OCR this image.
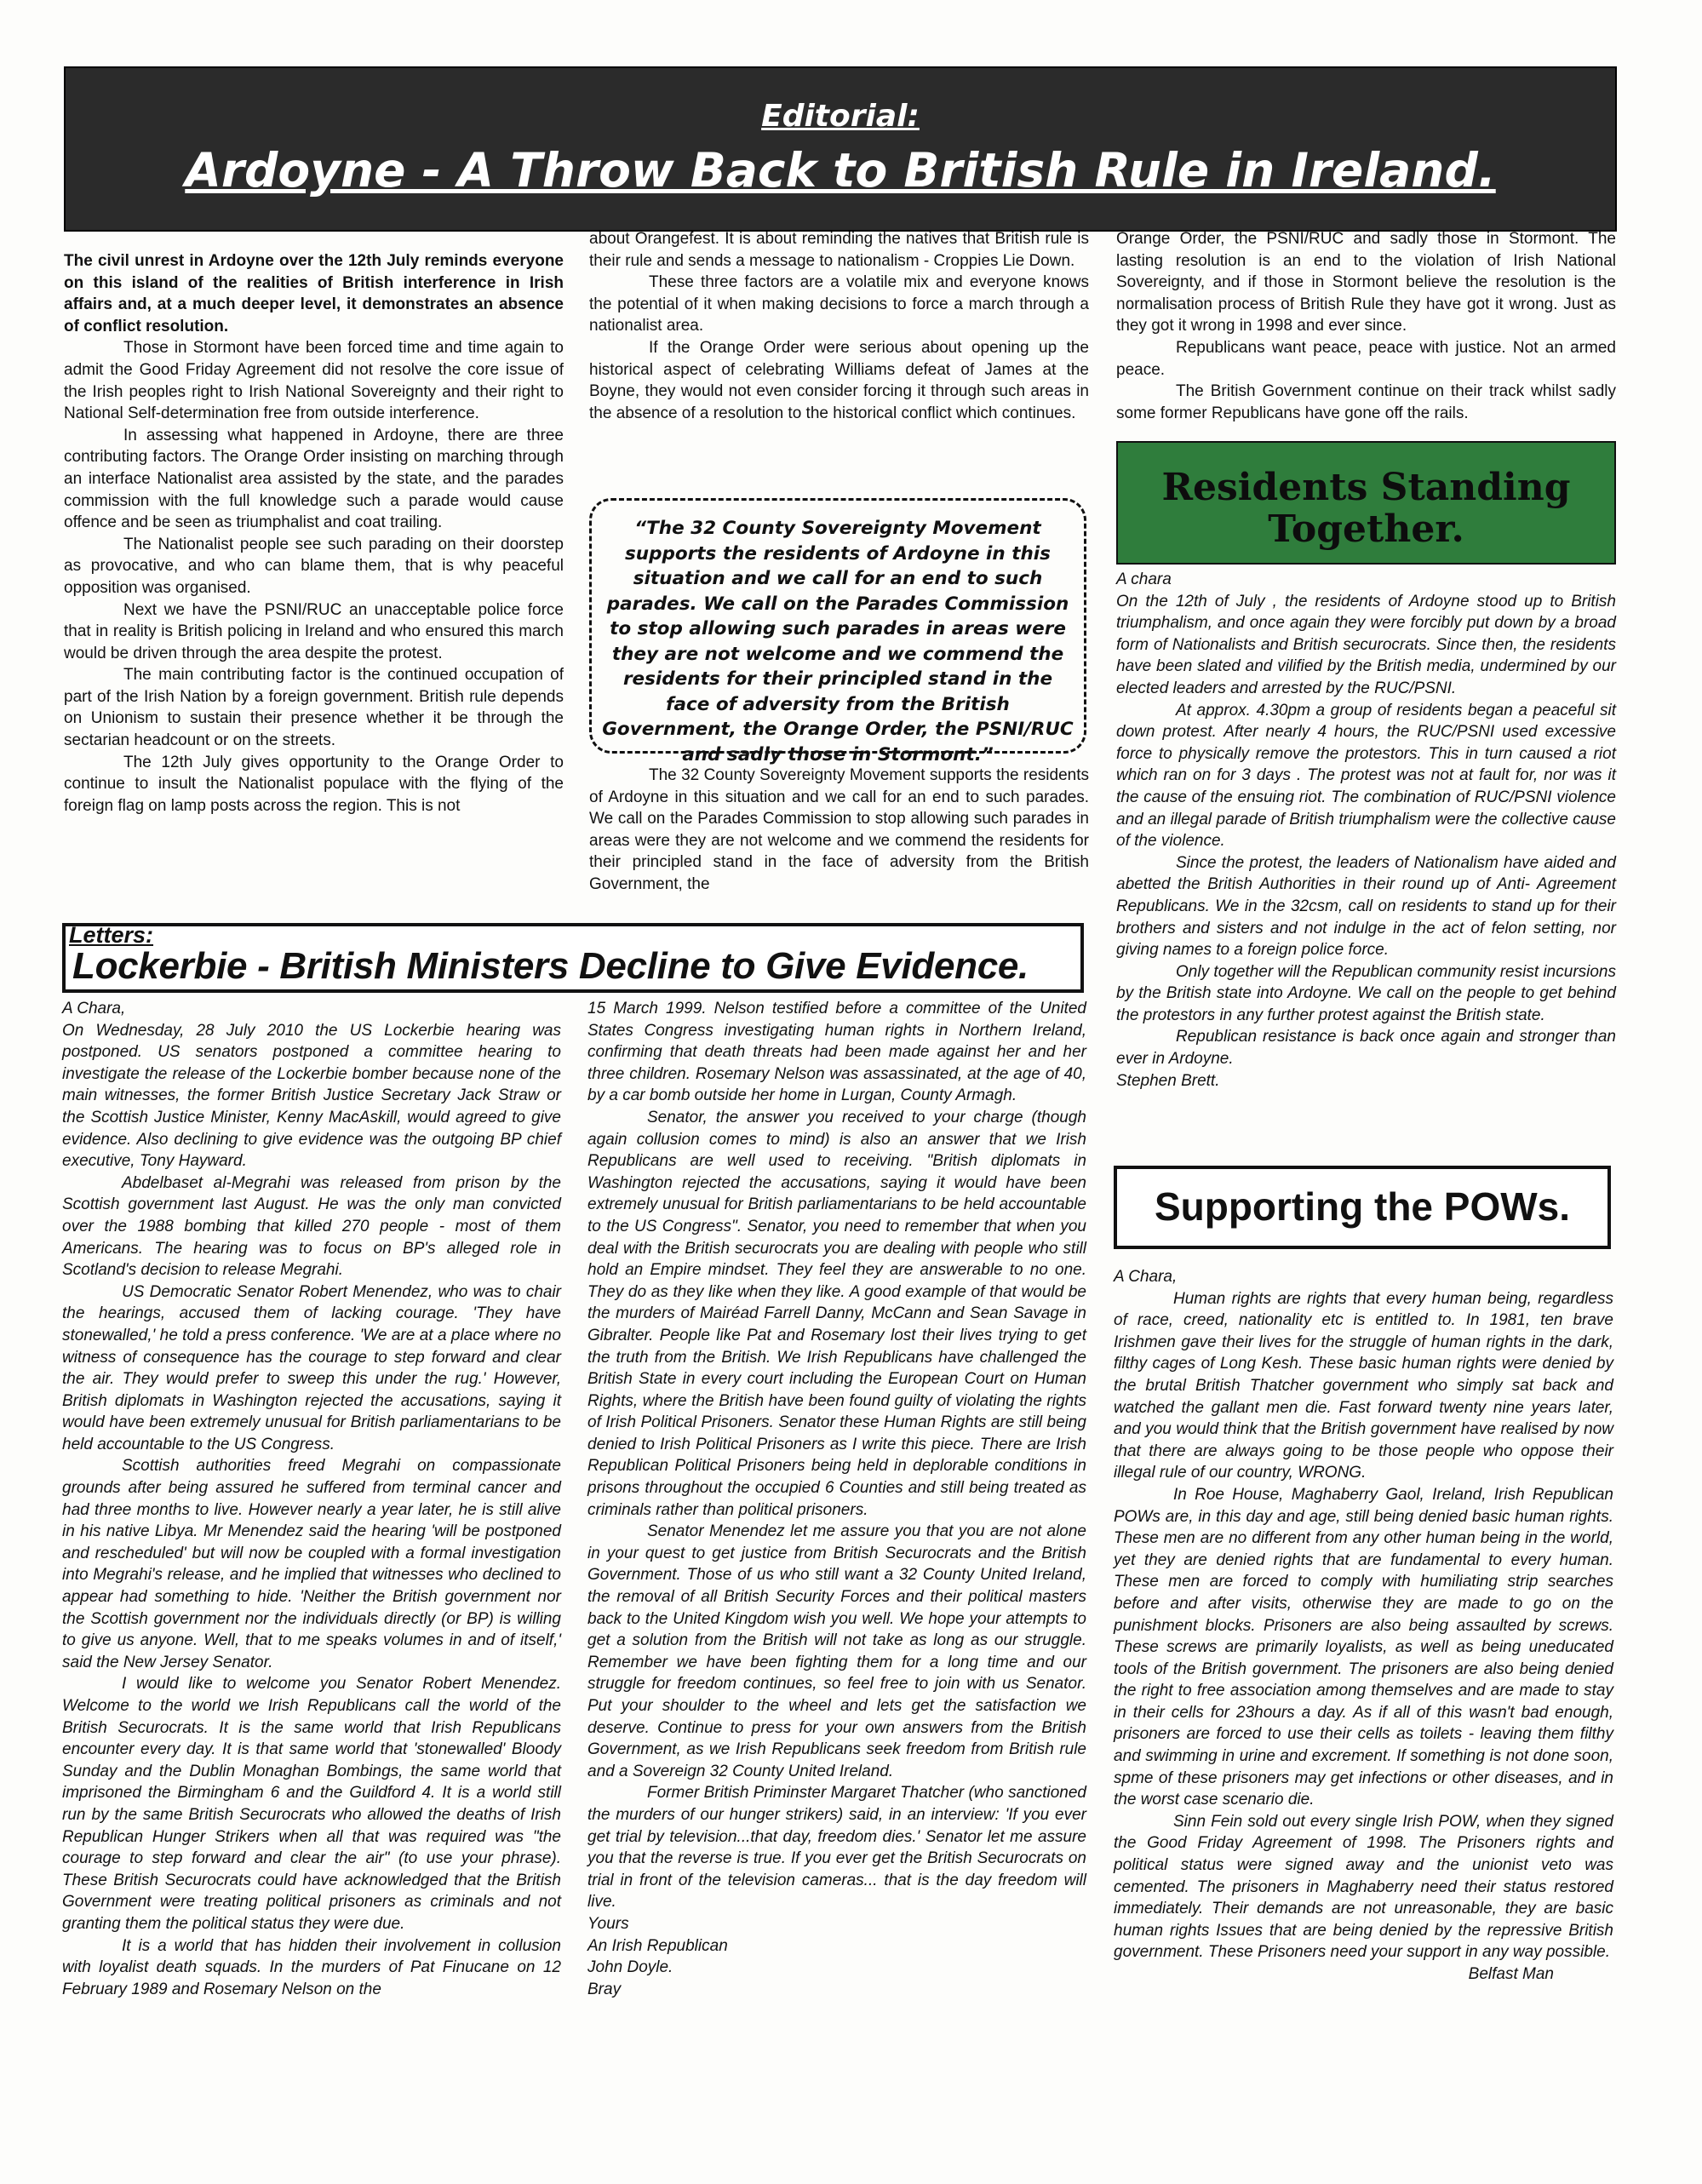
Editorial:
Ardoyne - A Throw Back to British Rule in Ireland.

The civil unrest in Ardoyne over the 12th July reminds everyone on this island of the realities of British interference in Irish affairs and, at a much deeper level, it demonstrates an absence of conflict resolution.

Those in Stormont have been forced time and time again to admit the Good Friday Agreement did not resolve the core issue of the Irish peoples right to Irish National Sovereignty and their right to National Self-determination free from outside interference.

In assessing what happened in Ardoyne, there are three contributing factors. The Orange Order insisting on marching through an interface Nationalist area assisted by the state, and the parades commission with the full knowledge such a parade would cause offence and be seen as triumphalist and coat trailing.

The Nationalist people see such parading on their doorstep as provocative, and who can blame them, that is why peaceful opposition was organised.

Next we have the PSNI/RUC an unacceptable police force that in reality is British policing in Ireland and who ensured this march would be driven through the area despite the protest.

The main contributing factor is the continued occupation of part of the Irish Nation by a foreign government. British rule depends on Unionism to sustain their presence whether it be through the sectarian headcount or on the streets.

The 12th July gives opportunity to the Orange Order to continue to insult the Nationalist populace with the flying of the foreign flag on lamp posts across the region. This is not

about Orangefest. It is about reminding the natives that British rule is their rule and sends a message to nationalism - Croppies Lie Down.

These three factors are a volatile mix and everyone knows the potential of it when making decisions to force a march through a nationalist area.

If the Orange Order were serious about opening up the historical aspect of celebrating Williams defeat of James at the Boyne, they would not even consider forcing it through such areas in the absence of a resolution to the historical conflict which continues.

“The 32 County Sovereignty Movement supports the residents of Ardoyne in this situation and we call for an end to such parades. We call on the Parades Commission to stop allowing such parades in areas were they are not welcome and we commend the residents for their principled stand in the face of adversity from the British Government, the Orange Order, the PSNI/RUC and sadly those in Stormont.”

The 32 County Sovereignty Movement supports the residents of Ardoyne in this situation and we call for an end to such parades. We call on the Parades Commission to stop allowing such parades in areas were they are not welcome and we commend the residents for their principled stand in the face of adversity from the British Government, the

Orange Order, the PSNI/RUC and sadly those in Stormont. The lasting resolution is an end to the violation of Irish National Sovereignty, and if those in Stormont believe the resolution is the normalisation process of British Rule they have got it wrong. Just as they got it wrong in 1998 and ever since.

Republicans want peace, peace with justice. Not an armed peace.

The British Government continue on their track whilst sadly some former Republicans have gone off the rails.

Residents Standing Together.

A chara

On the 12th of July , the residents of Ardoyne stood up to British triumphalism, and once again they were forcibly put down by a broad form of Nationalists and British securocrats. Since then, the residents have been slated and vilified by the British media, undermined by our elected leaders and arrested by the RUC/PSNI.

At approx. 4.30pm a group of residents began a peaceful sit down protest. After nearly 4 hours, the RUC/PSNI used excessive force to physically remove the protestors. This in turn caused a riot which ran on for 3 days . The protest was not at fault for, nor was it the cause of the ensuing riot. The combination of RUC/PSNI violence and an illegal parade of British triumphalism were the collective cause of the violence.

Since the protest, the leaders of Nationalism have aided and abetted the British Authorities in their round up of Anti- Agreement Republicans. We in the 32csm, call on residents to stand up for their brothers and sisters and not indulge in the act of felon setting, nor giving names to a foreign police force.

Only together will the Republican community resist incursions by the British state into Ardoyne. We call on the people to get behind the protestors in any further protest against the British state.

Republican resistance is back once again and stronger than ever in Ardoyne.

Stephen Brett.

Letters:
Lockerbie - British Ministers Decline to Give Evidence.

A Chara,

On Wednesday, 28 July 2010 the US Lockerbie hearing was postponed. US senators postponed a committee hearing to investigate the release of the Lockerbie bomber because none of the main witnesses, the former British Justice Secretary Jack Straw or the Scottish Justice Minister, Kenny MacAskill, would agreed to give evidence. Also declining to give evidence was the outgoing BP chief executive, Tony Hayward.

Abdelbaset al-Megrahi was released from prison by the Scottish government last August. He was the only man convicted over the 1988 bombing that killed 270 people - most of them Americans. The hearing was to focus on BP's alleged role in Scotland's decision to release Megrahi.

US Democratic Senator Robert Menendez, who was to chair the hearings, accused them of lacking courage. 'They have stonewalled,' he told a press conference. 'We are at a place where no witness of consequence has the courage to step forward and clear the air. They would prefer to sweep this under the rug.' However, British diplomats in Washington rejected the accusations, saying it would have been extremely unusual for British parliamentarians to be held accountable to the US Congress.

Scottish authorities freed Megrahi on compassionate grounds after being assured he suffered from terminal cancer and had three months to live. However nearly a year later, he is still alive in his native Libya. Mr Menendez said the hearing 'will be postponed and rescheduled' but will now be coupled with a formal investigation into Megrahi's release, and he implied that witnesses who declined to appear had something to hide. 'Neither the British government nor the Scottish government nor the individuals directly (or BP) is willing to give us anyone. Well, that to me speaks volumes in and of itself,' said the New Jersey Senator.

I would like to welcome you Senator Robert Menendez. Welcome to the world we Irish Republicans call the world of the British Securocrats. It is the same world that Irish Republicans encounter every day. It is that same world that 'stonewalled' Bloody Sunday and the Dublin Monaghan Bombings, the same world that imprisoned the Birmingham 6 and the Guildford 4. It is a world still run by the same British Securocrats who allowed the deaths of Irish Republican Hunger Strikers when all that was required was "the courage to step forward and clear the air" (to use your phrase). These British Securocrats could have acknowledged that the British Government were treating political prisoners as criminals and not granting them the political status they were due.

It is a world that has hidden their involvement in collusion with loyalist death squads. In the murders of Pat Finucane on 12 February 1989 and Rosemary Nelson on the

15 March 1999. Nelson testified before a committee of the United States Congress investigating human rights in Northern Ireland, confirming that death threats had been made against her and her three children. Rosemary Nelson was assassinated, at the age of 40, by a car bomb outside her home in Lurgan, County Armagh.

Senator, the answer you received to your charge (though again collusion comes to mind) is also an answer that we Irish Republicans are well used to receiving. "British diplomats in Washington rejected the accusations, saying it would have been extremely unusual for British parliamentarians to be held accountable to the US Congress". Senator, you need to remember that when you deal with the British securocrats you are dealing with people who still hold an Empire mindset. They feel they are answerable to no one. They do as they like when they like. A good example of that would be the murders of Mairéad Farrell Danny, McCann and Sean Savage in Gibralter. People like Pat and Rosemary lost their lives trying to get the truth from the British. We Irish Republicans have challenged the British State in every court including the European Court on Human Rights, where the British have been found guilty of violating the rights of Irish Political Prisoners. Senator these Human Rights are still being denied to Irish Political Prisoners as I write this piece. There are Irish Republican Political Prisoners being held in deplorable conditions in prisons throughout the occupied 6 Counties and still being treated as criminals rather than political prisoners.

Senator Menendez let me assure you that you are not alone in your quest to get justice from British Securocrats and the British Government. Those of us who still want a 32 County United Ireland, the removal of all British Security Forces and their political masters back to the United Kingdom wish you well. We hope your attempts to get a solution from the British will not take as long as our struggle. Remember we have been fighting them for a long time and our struggle for freedom continues, so feel free to join with us Senator. Put your shoulder to the wheel and lets get the satisfaction we deserve. Continue to press for your own answers from the British Government, as we Irish Republicans seek freedom from British rule and a Sovereign 32 County United Ireland.

Former British Priminster Margaret Thatcher (who sanctioned the murders of our hunger strikers) said, in an interview: 'If you ever get trial by television...that day, freedom dies.' Senator let me assure you that the reverse is true. If you ever get the British Securocrats on trial in front of the television cameras... that is the day freedom will live.

Yours

An Irish Republican

John Doyle.

Bray

Supporting the POWs.

A Chara,

Human rights are rights that every human being, regardless of race, creed, nationality etc is entitled to. In 1981, ten brave Irishmen gave their lives for the struggle of human rights in the dark, filthy cages of Long Kesh. These basic human rights were denied by the brutal British Thatcher government who simply sat back and watched the gallant men die. Fast forward twenty nine years later, and you would think that the British government have realised by now that there are always going to be those people who oppose their illegal rule of our country, WRONG.

In Roe House, Maghaberry Gaol, Ireland, Irish Republican POWs are, in this day and age, still being denied basic human rights. These men are no different from any other human being in the world, yet they are denied rights that are fundamental to every human. These men are forced to comply with humiliating strip searches before and after visits, otherwise they are made to go on the punishment blocks. Prisoners are also being assaulted by screws. These screws are primarily loyalists, as well as being uneducated tools of the British government. The prisoners are also being denied the right to free association among themselves and are made to stay in their cells for 23hours a day. As if all of this wasn't bad enough, prisoners are forced to use their cells as toilets - leaving them filthy and swimming in urine and excrement. If something is not done soon, spme of these prisoners may get infections or other diseases, and in the worst case scenario die.

Sinn Fein sold out every single Irish POW, when they signed the Good Friday Agreement of 1998. The Prisoners rights and political status were signed away and the unionist veto was cemented. The prisoners in Maghaberry need their status restored immediately. Their demands are not unreasonable, they are basic human rights Issues that are being denied by the repressive British government. These Prisoners need your support in any way possible.

Belfast Man
